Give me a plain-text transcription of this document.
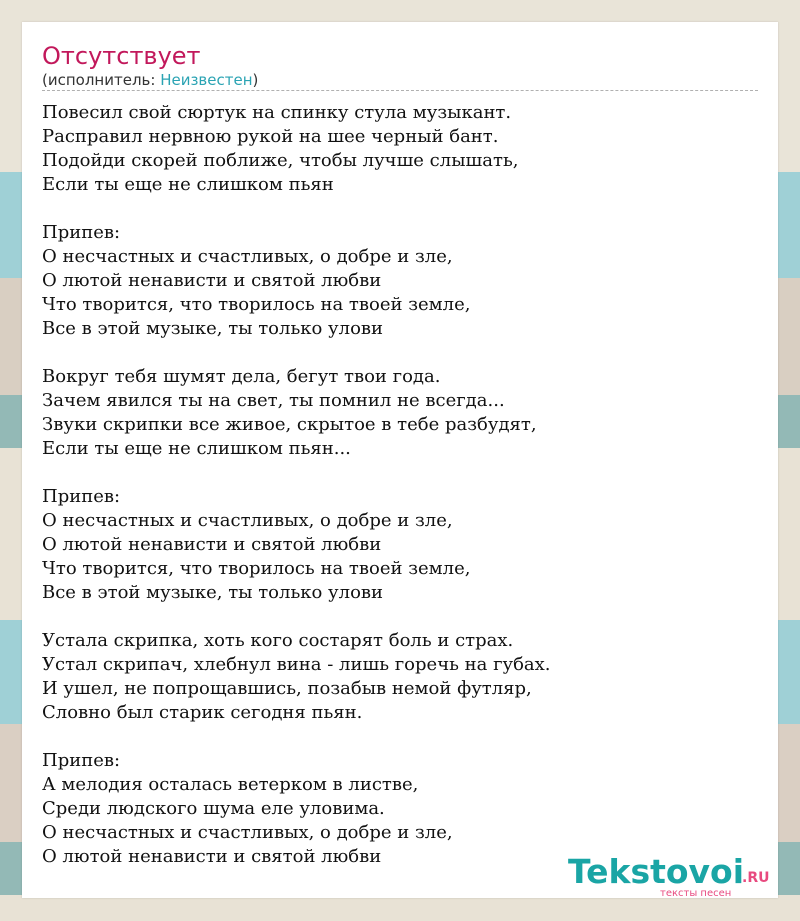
Отсутствует
(исполнитель: Неизвестен)
Повесил свой сюртук на спинку стула музыкант.
Расправил нервною рукой на шее черный бант.
Подойди скорей поближе, чтобы лучше слышать,
Если ты еще не слишком пьян

Припев:
О несчастных и счастливых, о добре и зле,
О лютой ненависти и святой любви
Что творится, что творилось на твоей земле,
Все в этой музыке, ты только улови

Вокруг тебя шумят дела, бегут твои года.
Зачем явился ты на свет, ты помнил не всегда...
Звуки скрипки все живое, скрытое в тебе разбудят,
Если ты еще не слишком пьян...

Припев:
О несчастных и счастливых, о добре и зле,
О лютой ненависти и святой любви
Что творится, что творилось на твоей земле,
Все в этой музыке, ты только улови

Устала скрипка, хоть кого состарят боль и страх.
Устал скрипач, хлебнул вина - лишь горечь на губах.
И ушел, не попрощавшись, позабыв немой футляр,
Словно был старик сегодня пьян.

Припев:
А мелодия осталась ветерком в листве,
Среди людского шума еле уловима.
О несчастных и счастливых, о добре и зле,
О лютой ненависти и святой любви	Tekstovoi
.RU
тексты песен
